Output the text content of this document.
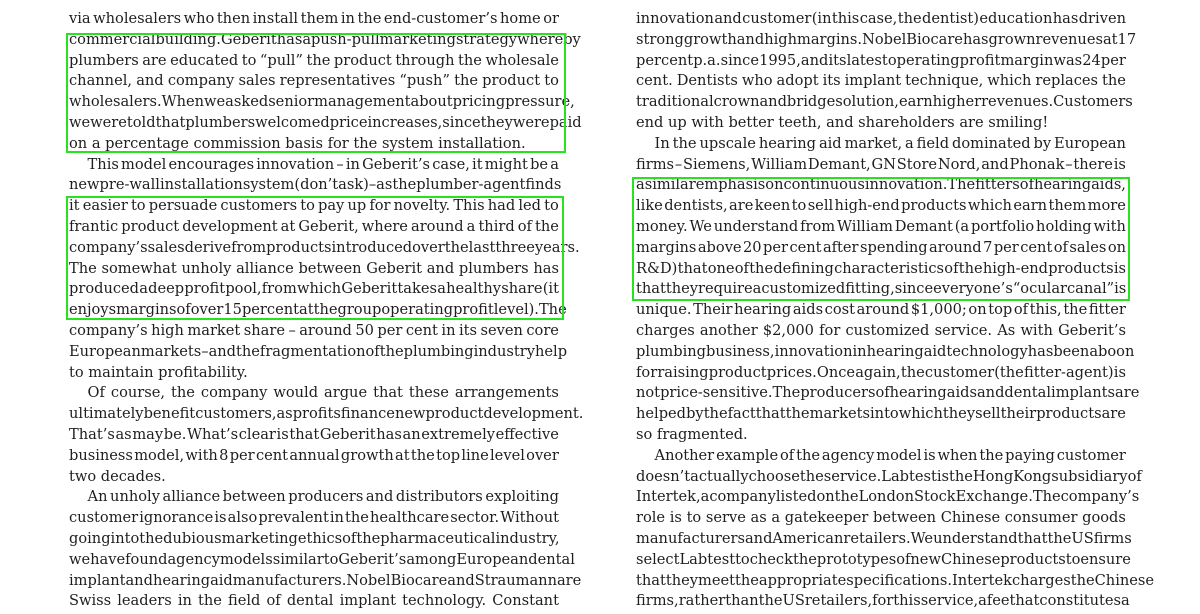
via wholesalers who then install them in the end-customer’s home or
commercial building. Geberit has a push-pull marketing strategy whereby
plumbers are educated to “pull” the product through the wholesale
channel, and company sales representatives “push” the product to
wholesalers. When we asked senior management about pricing pressure,
we were told that plumbers welcomed price increases, since they were paid
on a percentage commission basis for the system installation.
This model encourages innovation – in Geberit’s case, it might be a
new pre-wall installation system (don’t ask) – as the plumber-agent finds
it easier to persuade customers to pay up for novelty. This had led to
frantic product development at Geberit, where around a third of the
company’s sales derive from products introduced over the last three years.
The somewhat unholy alliance between Geberit and plumbers has
produced a deep profit pool, from which Geberit takes a healthy share (it
enjoys margins of over 15 per cent at the group operating profit level). The
company’s high market share – around 50 per cent in its seven core
European markets – and the fragmentation of the plumbing industry help
to maintain profitability.
Of course, the company would argue that these arrangements
ultimately benefit customers, as profits finance new product development.
That’s as may be. What’s clear is that Geberit has an extremely effective
business model, with 8 per cent annual growth at the top line level over
two decades.
An unholy alliance between producers and distributors exploiting
customer ignorance is also prevalent in the healthcare sector. Without
going into the dubious marketing ethics of the pharmaceutical industry,
we have found agency models similar to Geberit’s among European dental
implant and hearing aid manufacturers. Nobel Biocare and Straumann are
Swiss leaders in the field of dental implant technology. Constant
innovation and customer (in this case, the dentist) education has driven
strong growth and high margins. Nobel Biocare has grown revenues at 17
per cent p.a. since 1995, and its latest operating profit margin was 24 per
cent. Dentists who adopt its implant technique, which replaces the
traditional crown and bridge solution, earn higher revenues. Customers
end up with better teeth, and shareholders are smiling!
In the upscale hearing aid market, a field dominated by European
firms – Siemens, William Demant, GN Store Nord, and Phonak – there is
a similar emphasis on continuous innovation. The fitters of hearing aids,
like dentists, are keen to sell high-end products which earn them more
money. We understand from William Demant (a portfolio holding with
margins above 20 per cent after spending around 7 per cent of sales on
R&D) that one of the defining characteristics of the high-end products is
that they require a customized fitting, since everyone’s “ocular canal” is
unique. Their hearing aids cost around $1,000; on top of this, the fitter
charges another $2,000 for customized service. As with Geberit’s
plumbing business, innovation in hearing aid technology has been a boon
for raising product prices. Once again, the customer (the fitter-agent) is
not price-sensitive. The producers of hearing aids and dental implants are
helped by the fact that the markets into which they sell their products are
so fragmented.
Another example of the agency model is when the paying customer
doesn’t actually choose the service. Labtest is the Hong Kong subsidiary of
Intertek, a company listed on the London Stock Exchange. The company’s
role is to serve as a gatekeeper between Chinese consumer goods
manufacturers and American retailers. We understand that the US firms
select Labtest to check the prototypes of new Chinese products to ensure
that they meet the appropriate specifications. Intertek charges the Chinese
firms, rather than the US retailers, for this service, a fee that constitutes a
